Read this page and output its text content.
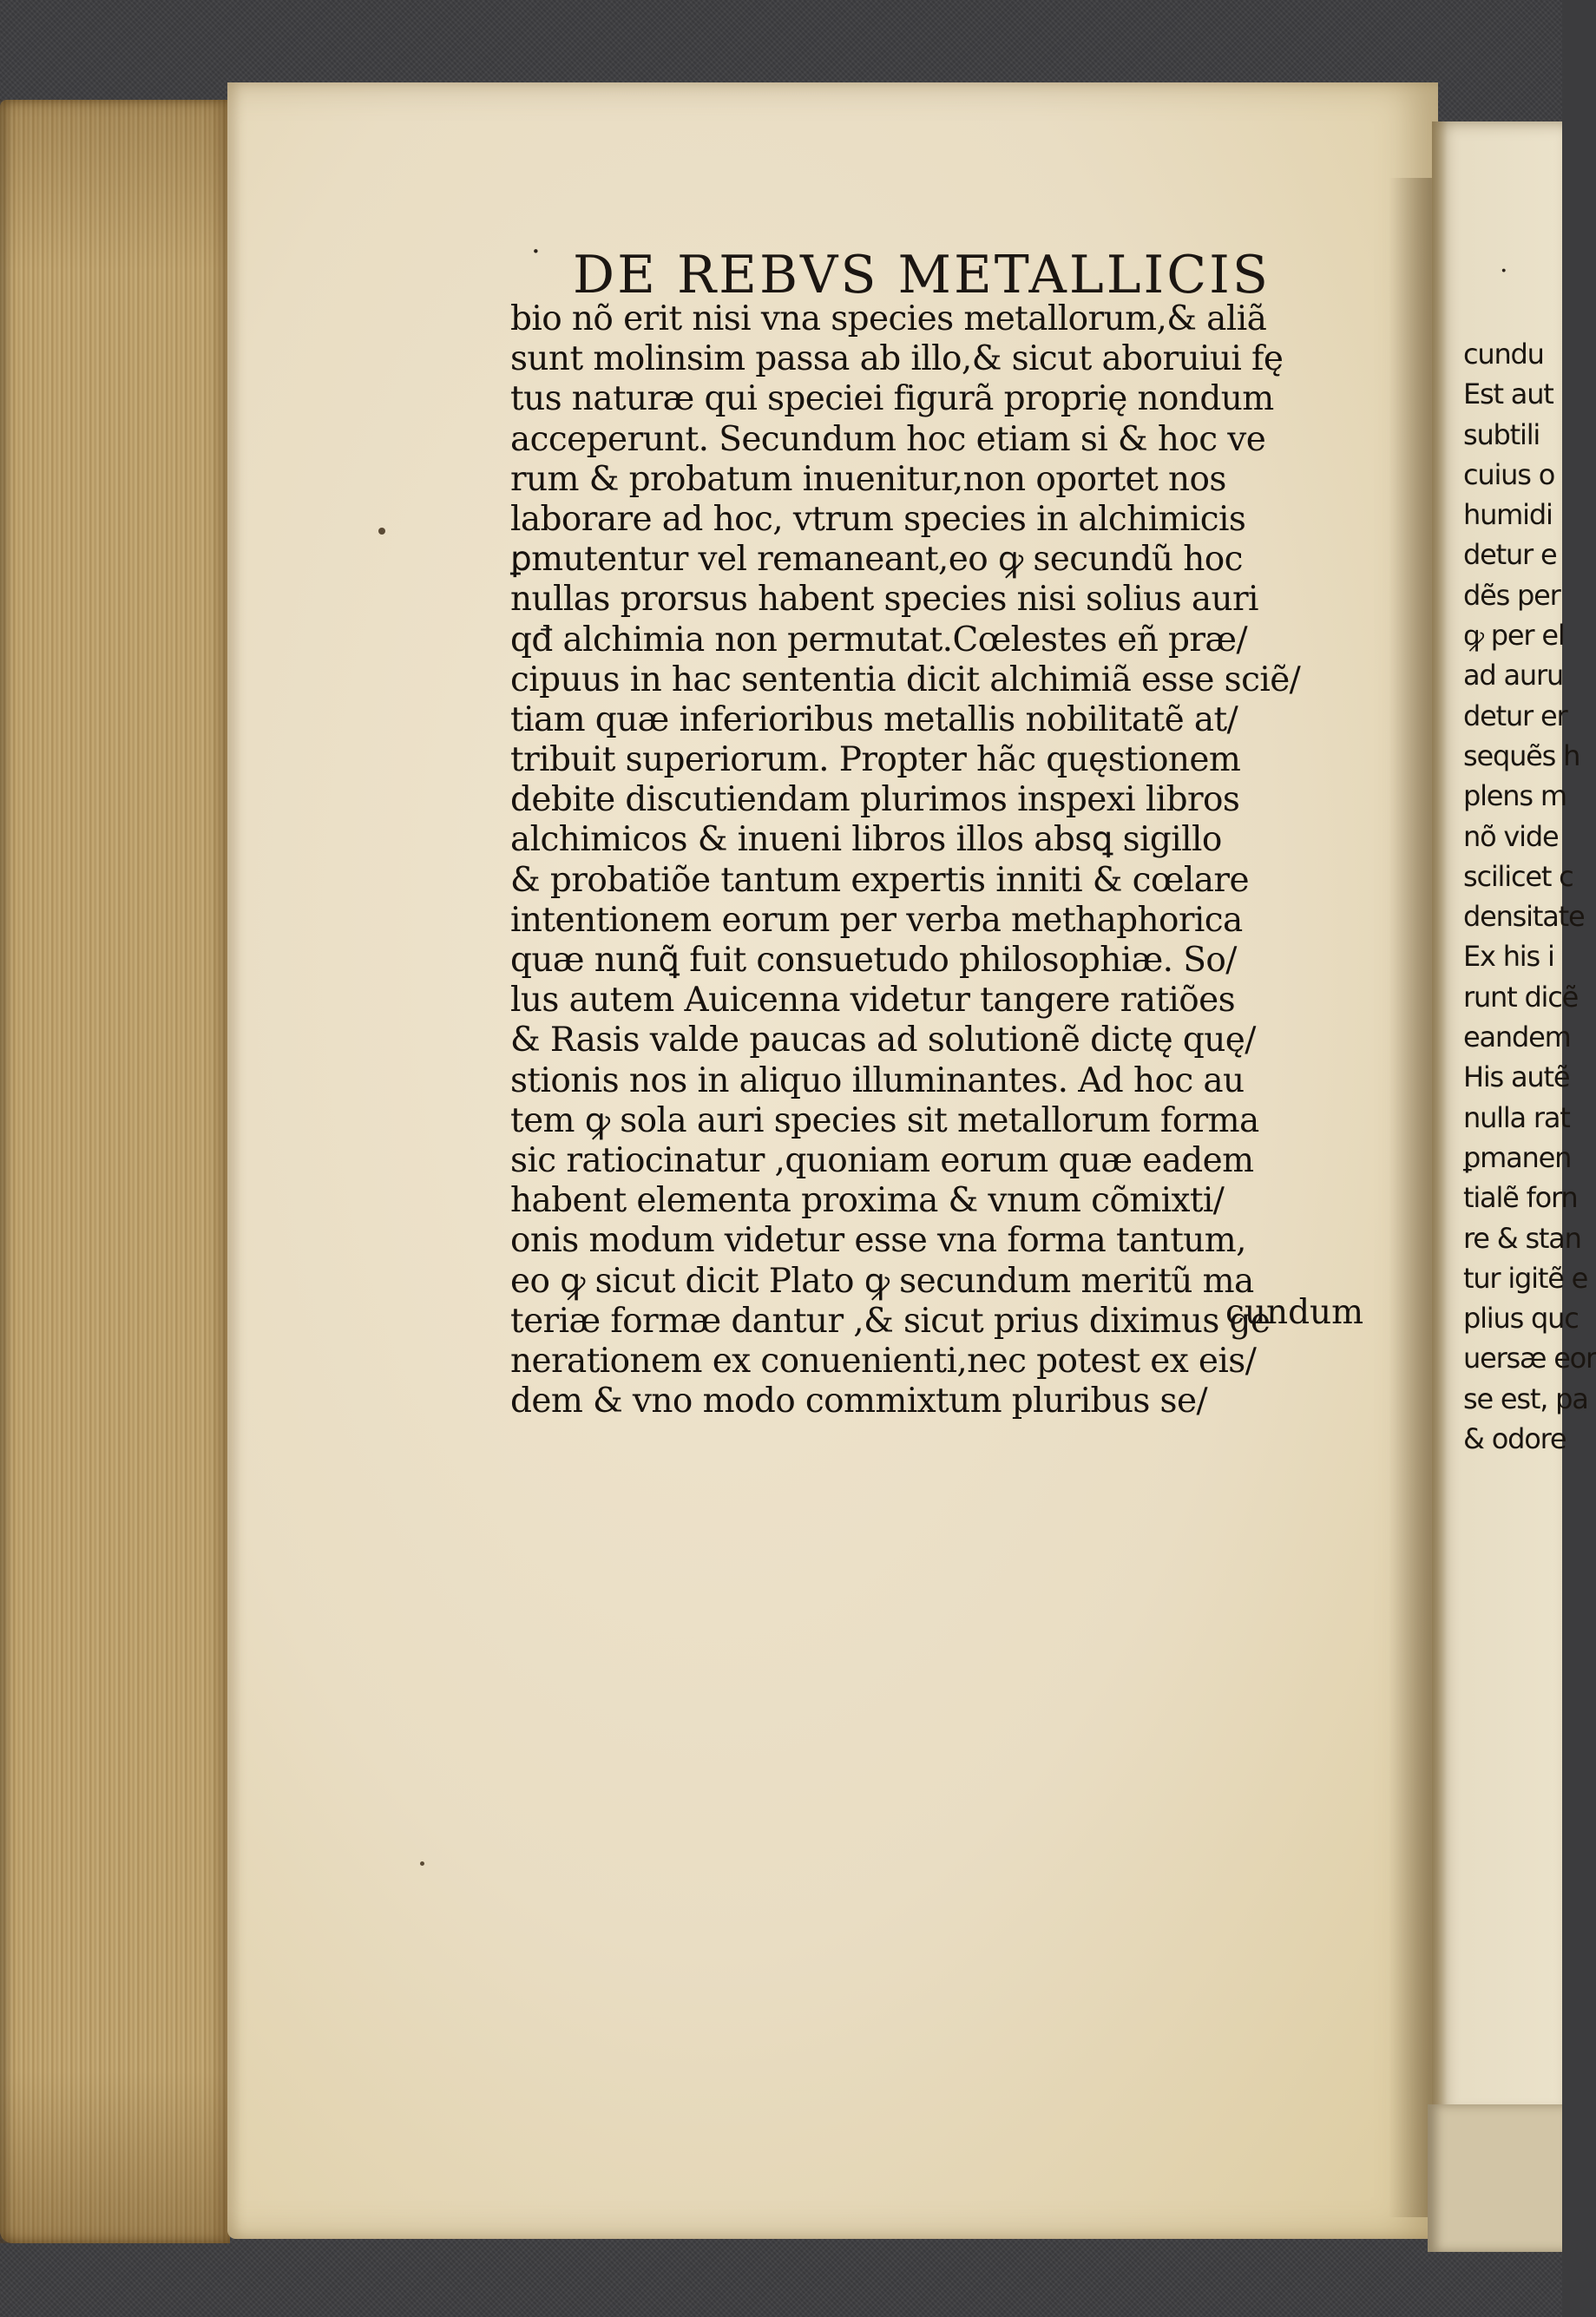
· DE REBVS METALLICIS
bio nõ erit nisi vna species metallorum,& aliã
sunt molinsim passa ab illo,& sicut aboruiui fę
tus naturæ qui speciei figurã proprię nondum
acceperunt. Secundum hoc etiam si & hoc ve
rum & probatum inuenitur,non oportet nos
laborare ad hoc, vtrum species in alchimicis
ꝑmutentur vel remaneant,eo ꝙ secundũ hoc
nullas prorsus habent species nisi solius auri
qđ alchimia non permutat.Cœlestes eñ præ/
cipuus in hac sententia dicit alchimiã esse sciẽ/
tiam quæ inferioribus metallis nobilitatẽ at/
tribuit superiorum. Propter hãc quęstionem
debite discutiendam plurimos inspexi libros
alchimicos & inueni libros illos absꝗ sigillo
& probatiõe tantum expertis inniti & cœlare
intentionem eorum per verba methaphorica
quæ nunꝗ̃ fuit consuetudo philosophiæ. So/
lus autem Auicenna videtur tangere ratiões
& Rasis valde paucas ad solutionẽ dictę quę/
stionis nos in aliquo illuminantes. Ad hoc au
tem ꝙ sola auri species sit metallorum forma
sic ratiocinatur ,quoniam eorum quæ eadem
habent elementa proxima & vnum cõmixti/
onis modum videtur esse vna forma tantum,
eo ꝙ sicut dicit Plato ꝙ secundum meritũ ma
teriæ formæ dantur ,& sicut prius diximus ge
nerationem ex conuenienti,nec potest ex eis/
dem & vno modo commixtum pluribus se/
cundum
·
cundu
Est aut
subtili
cuius o
humidi
detur e
dẽs per
ꝙ per el
ad auru
detur er
sequẽs h
plens m
nõ vide
scilicet c
densitate
Ex his i
runt dicẽ
eandem
His autẽ
nulla rat
ꝑmanen
tialẽ forn
re & stan
tur igitẽ e
plius quc
uersæ eor
se est, pa
& odore
